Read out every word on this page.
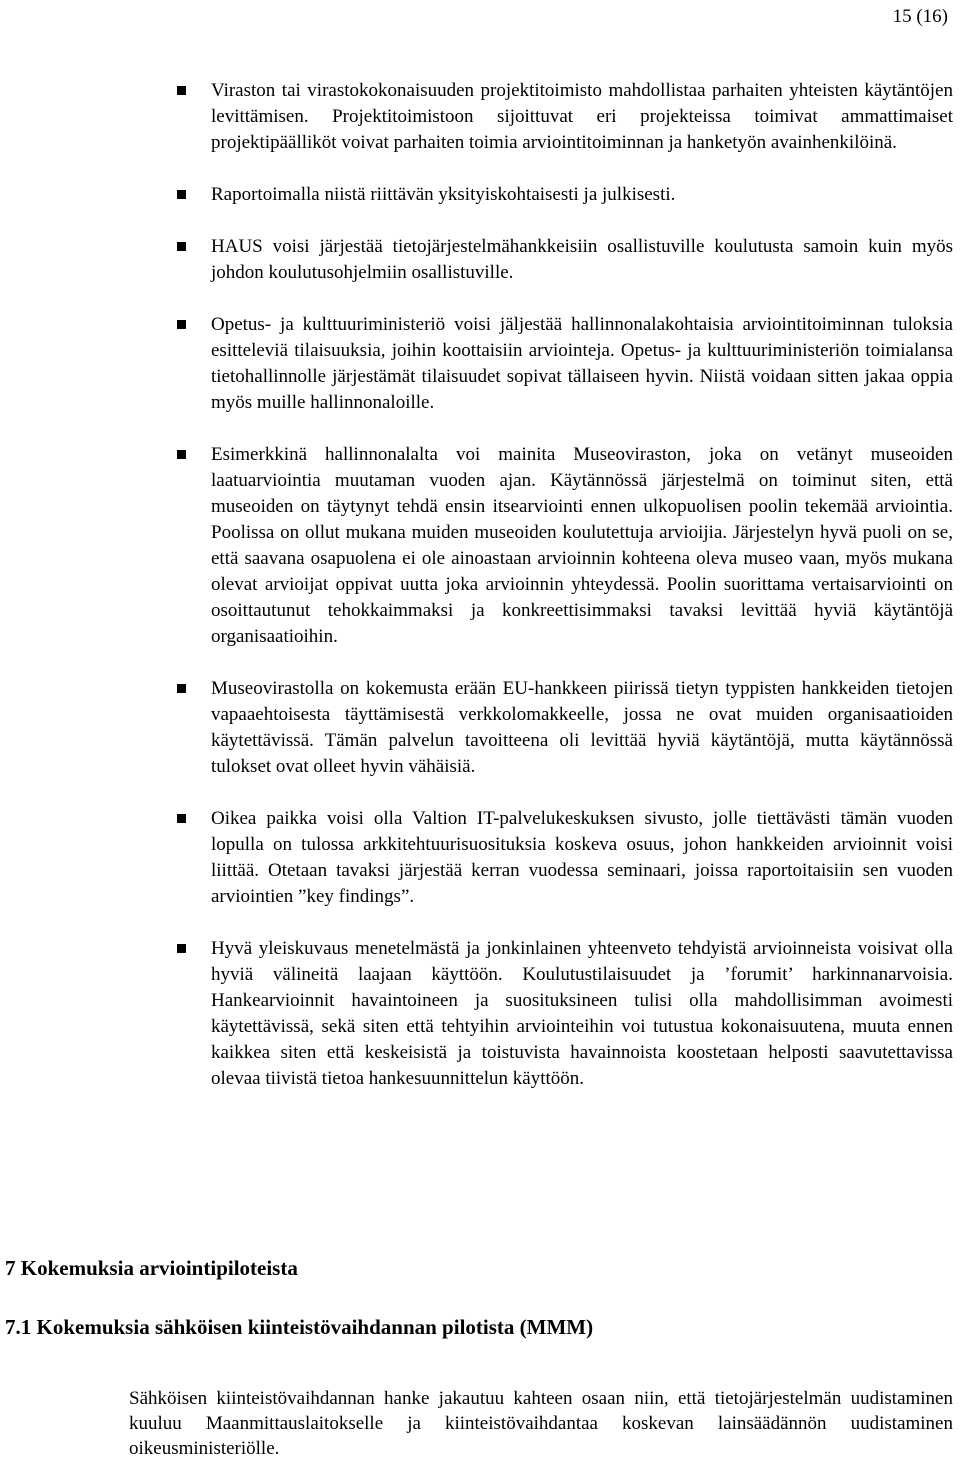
15 (16)
Viraston tai virastokokonaisuuden projektitoimisto mahdollistaa parhaiten yhteisten käytäntöjen levittämisen. Projektitoimistoon sijoittuvat eri projekteissa toimivat ammattimaiset projektipäälliköt voivat parhaiten toimia arviointitoiminnan ja hanketyön avainhenkilöinä.
Raportoimalla niistä riittävän yksityiskohtaisesti ja julkisesti.
HAUS voisi järjestää tietojärjestelmähankkeisiin osallistuville koulutusta samoin kuin myös johdon koulutusohjelmiin osallistuville.
Opetus- ja kulttuuriministeriö voisi jäljestää hallinnonalakohtaisia arviointitoiminnan tuloksia esitteleviä tilaisuuksia, joihin koottaisiin arviointeja. Opetus- ja kulttuuriministeriön toimialansa tietohallinnolle järjestämät tilaisuudet sopivat tällaiseen hyvin. Niistä voidaan sitten jakaa oppia myös muille hallinnonaloille.
Esimerkkinä hallinnonalalta voi mainita Museoviraston, joka on vetänyt museoiden laatuarviointia muutaman vuoden ajan. Käytännössä järjestelmä on toiminut siten, että museoiden on täytynyt tehdä ensin itsearviointi ennen ulkopuolisen poolin tekemää arviointia. Poolissa on ollut mukana muiden museoiden koulutettuja arvioijia. Järjestelyn hyvä puoli on se, että saavana osapuolena ei ole ainoastaan arvioinnin kohteena oleva museo vaan, myös mukana olevat arvioijat oppivat uutta joka arvioinnin yhteydessä. Poolin suorittama vertaisarviointi on osoittautunut tehokkaimmaksi ja konkreettisimmaksi tavaksi levittää hyviä käytäntöjä organisaatioihin.
Museovirastolla on kokemusta erään EU-hankkeen piirissä tietyn typpisten hankkeiden tietojen vapaaehtoisesta täyttämisestä verkkolomakkeelle, jossa ne ovat muiden organisaatioiden käytettävissä. Tämän palvelun tavoitteena oli levittää hyviä käytäntöjä, mutta käytännössä tulokset ovat olleet hyvin vähäisiä.
Oikea paikka voisi olla Valtion IT-palvelukeskuksen sivusto, jolle tiettävästi tämän vuoden lopulla on tulossa arkkitehtuurisuosituksia koskeva osuus, johon hankkeiden arvioinnit voisi liittää. Otetaan tavaksi järjestää kerran vuodessa seminaari, joissa raportoitaisiin sen vuoden arviointien ”key findings”.
Hyvä yleiskuvaus menetelmästä ja jonkinlainen yhteenveto tehdyistä arvioinneista voisivat olla hyviä välineitä laajaan käyttöön. Koulutustilaisuudet ja ’forumit’ harkinnanarvoisia. Hankearvioinnit havaintoineen ja suosituksineen tulisi olla mahdollisimman avoimesti käytettävissä, sekä siten että tehtyihin arviointeihin voi tutustua kokonaisuutena, muuta ennen kaikkea siten että keskeisistä ja toistuvista havainnoista koostetaan helposti saavutettavissa olevaa tiivistä tietoa hankesuunnittelun käyttöön.
7 Kokemuksia arviointipiloteista
7.1 Kokemuksia sähköisen kiinteistövaihdannan pilotista (MMM)

Sähköisen kiinteistövaihdannan hanke jakautuu kahteen osaan niin, että tietojärjestelmän uudistaminen kuuluu Maanmittauslaitokselle ja kiinteistövaihdantaa koskevan lainsäädännön uudistaminen oikeusministeriölle.
